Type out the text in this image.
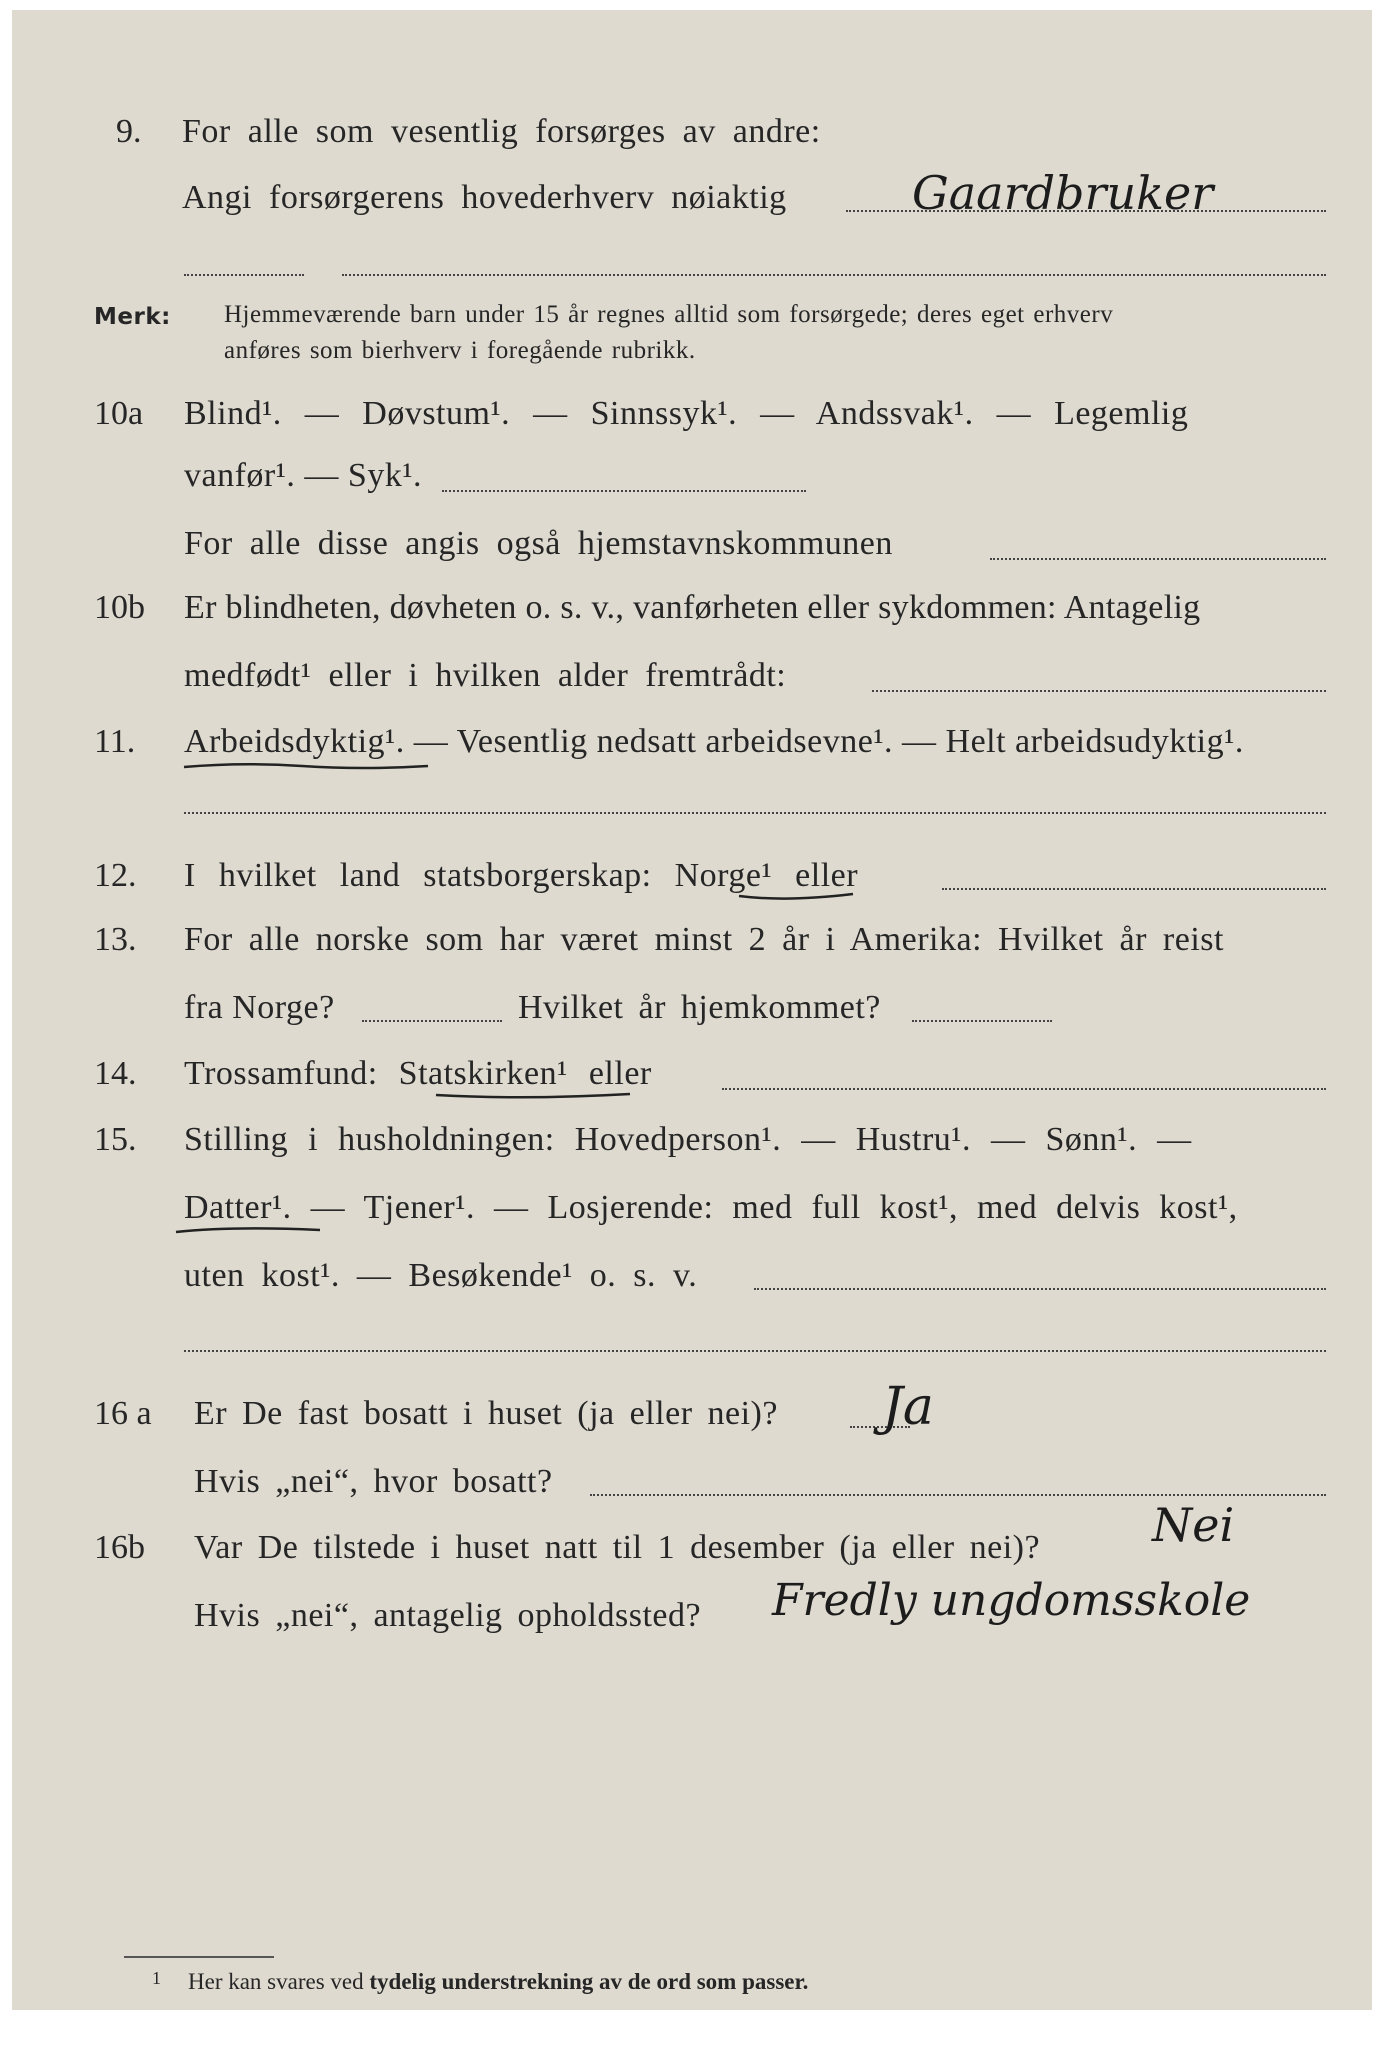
9. For alle som vesentlig forsørges av andre:
Angi forsørgerens hovederhverv nøiaktig	Gaardbruker
Merk: Hjemmeværende barn under 15 år regnes alltid som forsørgede; deres eget erhverv
anføres som bierhverv i foregående rubrikk.
10a Blind¹. — Døvstum¹. — Sinnssyk¹. — Andssvak¹. — Legemlig
vanfør¹. — Syk¹.
For alle disse angis også hjemstavnskommunen
10b Er blindheten, døvheten o. s. v., vanførheten eller sykdommen: Antagelig
medfødt¹ eller i hvilken alder fremtrådt:
11. Arbeidsdyktig¹. — Vesentlig nedsatt arbeidsevne¹. — Helt arbeidsudyktig¹.
12. I hvilket land statsborgerskap: Norge¹ eller
13. For alle norske som har været minst 2 år i Amerika: Hvilket år reist
fra Norge?	Hvilket år hjemkommet?
14. Trossamfund: Statskirken¹ eller
15. Stilling i husholdningen: Hovedperson¹. — Hustru¹. — Sønn¹. —
Datter¹. — Tjener¹. — Losjerende: med full kost¹, med delvis kost¹,
uten kost¹. — Besøkende¹ o. s. v.
16 a Er De fast bosatt i huset (ja eller nei)? Ja
Hvis „nei“, hvor bosatt?
16b Var De tilstede i huset natt til 1 desember (ja eller nei)? Nei
Hvis „nei“, antagelig opholdssted? Fredly ungdomsskole
1 Her kan svares ved tydelig understrekning av de ord som passer.
